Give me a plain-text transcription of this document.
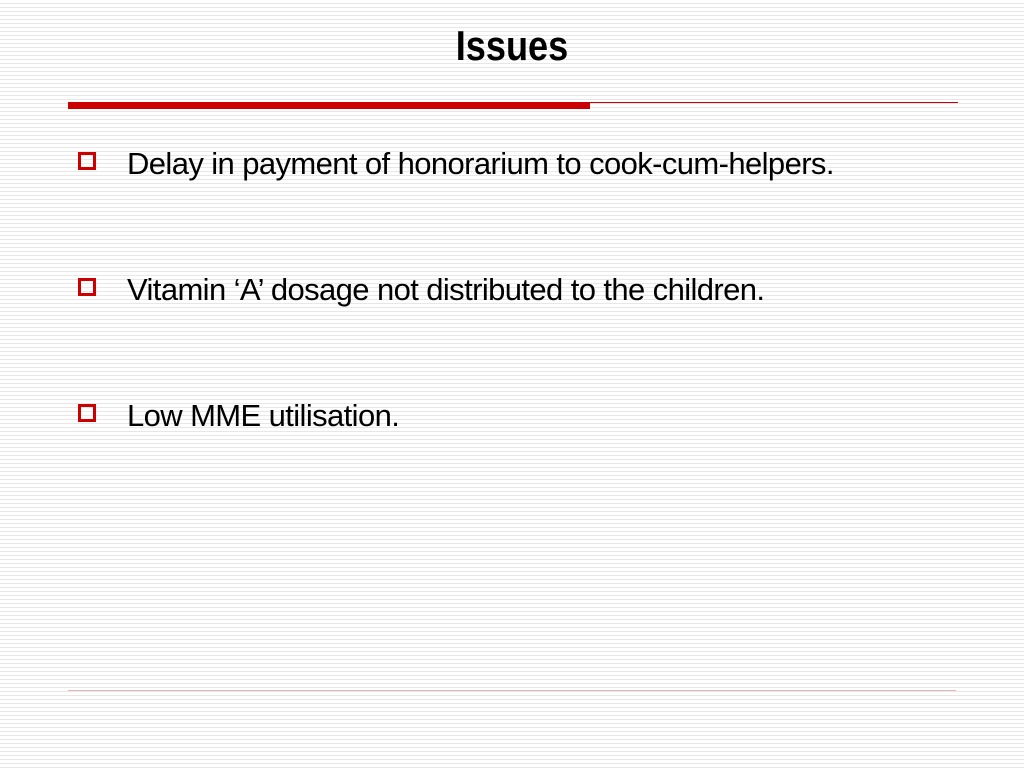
Issues
Delay in payment of honorarium to cook-cum-helpers.
Vitamin ‘A’ dosage not distributed to the children.
Low MME utilisation.
